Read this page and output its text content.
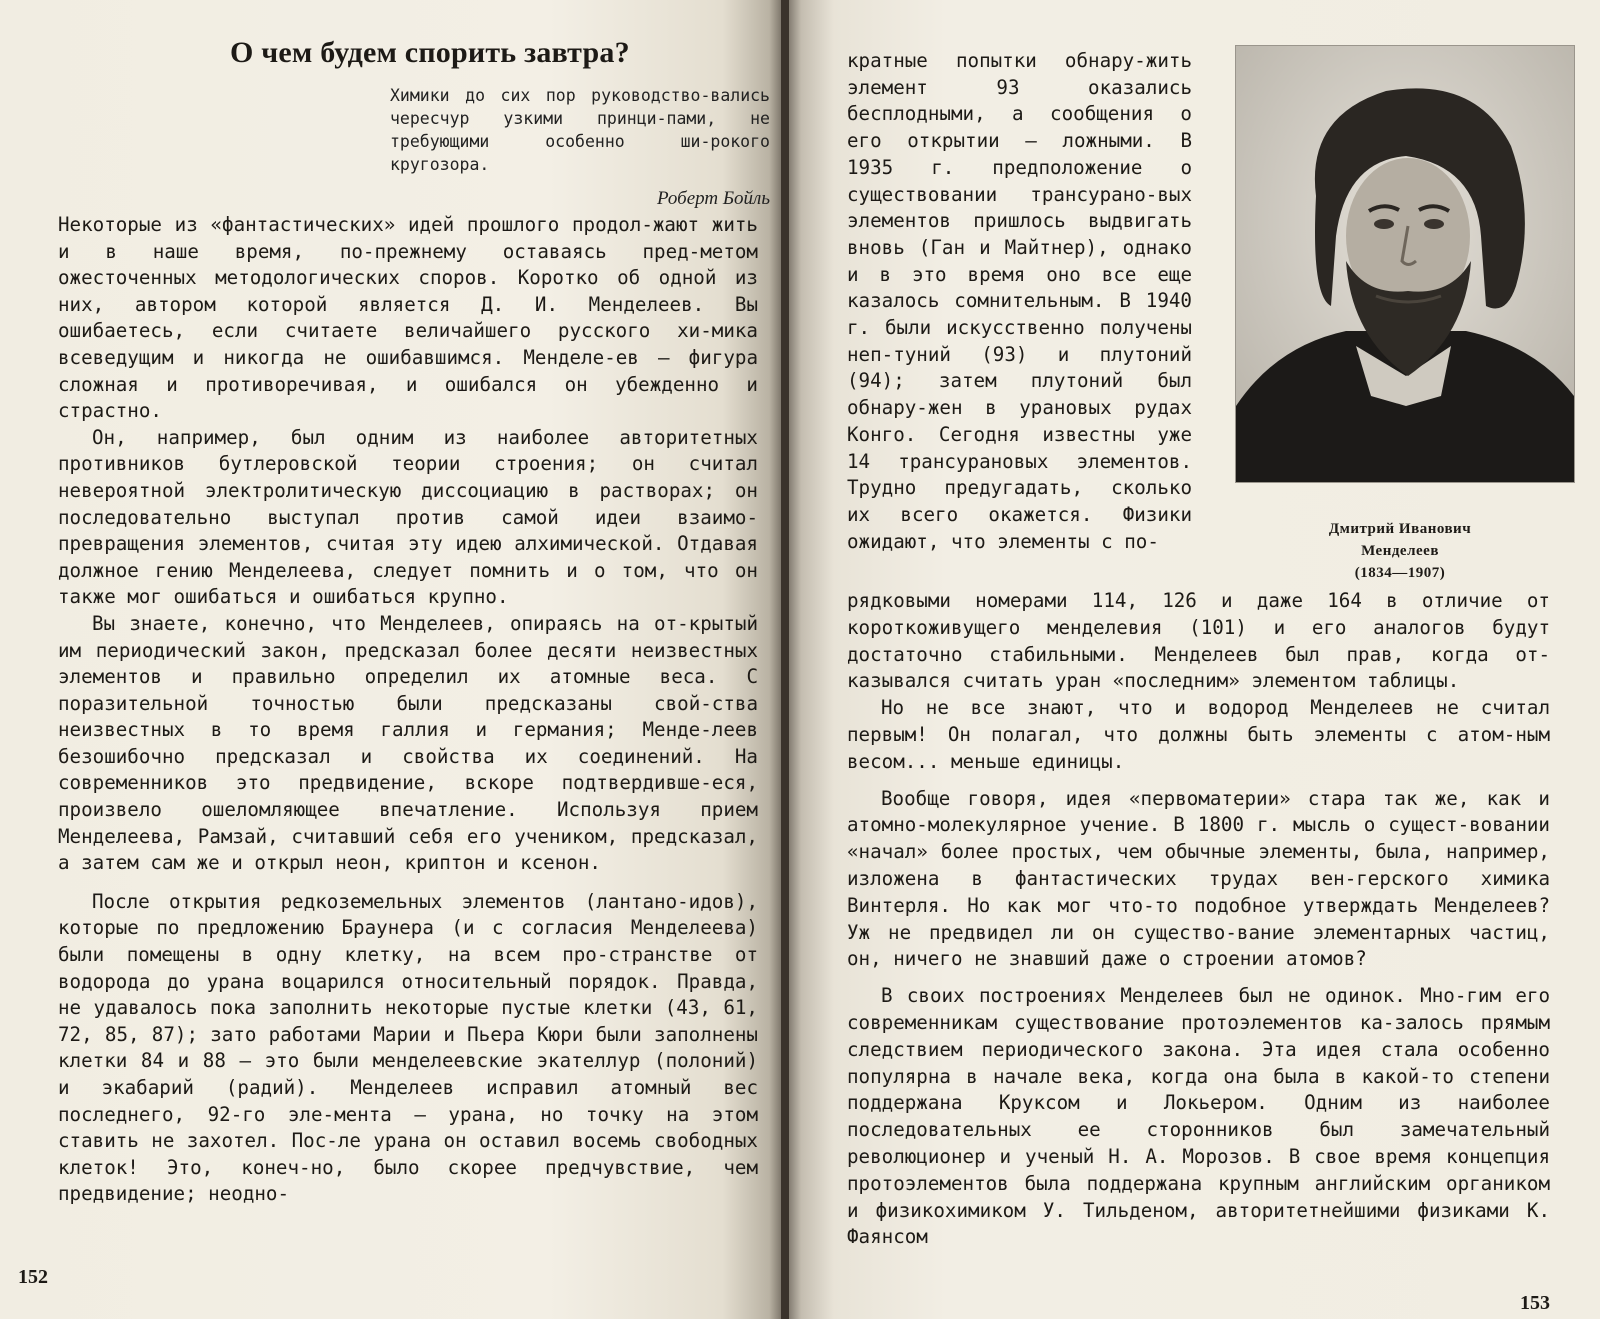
О чем будем спорить завтра?
Химики до сих пор руководство-вались чересчур узкими принци-пами, не требующими особенно ши-рокого кругозора.
Роберт Бойль

Некоторые из «фантастических» идей прошлого продол-жают жить и в наше время, по-прежнему оставаясь пред-метом ожесточенных методологических споров. Коротко об одной из них, автором которой является Д. И. Менделеев. Вы ошибаетесь, если считаете величайшего русского хи-мика всеведущим и никогда не ошибавшимся. Менделе-ев — фигура сложная и противоречивая, и ошибался он убежденно и страстно.

Он, например, был одним из наиболее авторитетных противников бутлеровской теории строения; он считал невероятной электролитическую диссоциацию в растворах; он последовательно выступал против самой идеи взаимо-превращения элементов, считая эту идею алхимической. Отдавая должное гению Менделеева, следует помнить и о том, что он также мог ошибаться и ошибаться крупно.

Вы знаете, конечно, что Менделеев, опираясь на от-крытый им периодический закон, предсказал более десяти неизвестных элементов и правильно определил их атомные веса. С поразительной точностью были предсказаны свой-ства неизвестных в то время галлия и германия; Менде-леев безошибочно предсказал и свойства их соединений. На современников это предвидение, вскоре подтвердивше-еся, произвело ошеломляющее впечатление. Используя прием Менделеева, Рамзай, считавший себя его учеником, предсказал, а затем сам же и открыл неон, криптон и ксенон.

После открытия редкоземельных элементов (лантано-идов), которые по предложению Браунера (и с согласия Менделеева) были помещены в одну клетку, на всем про-странстве от водорода до урана воцарился относительный порядок. Правда, не удавалось пока заполнить некоторые пустые клетки (43, 61, 72, 85, 87); зато работами Марии и Пьера Кюри были заполнены клетки 84 и 88 — это были менделеевские экателлур (полоний) и экабарий (радий). Менделеев исправил атомный вес последнего, 92-го эле-мента — урана, но точку на этом ставить не захотел. Пос-ле урана он оставил восемь свободных клеток! Это, конеч-но, было скорее предчувствие, чем предвидение; неодно-

152

кратные попытки обнару-жить элемент 93 оказались бесплодными, а сообщения о его открытии — ложными. В 1935 г. предположение о существовании трансурано-вых элементов пришлось выдвигать вновь (Ган и Майтнер), однако и в это время оно все еще казалось сомнительным. В 1940 г. были искусственно получены неп-туний (93) и плутоний (94); затем плутоний был обнару-жен в урановых рудах Конго. Сегодня известны уже 14 трансурановых элементов. Трудно предугадать, сколько их всего окажется. Физики ожидают, что элементы с по-

Дмитрий Иванович
Менделеев
(1834—1907)

рядковыми номерами 114, 126 и даже 164 в отличие от короткоживущего менделевия (101) и его аналогов будут достаточно стабильными. Менделеев был прав, когда от-казывался считать уран «последним» элементом таблицы.

Но не все знают, что и водород Менделеев не считал первым! Он полагал, что должны быть элементы с атом-ным весом... меньше единицы.

Вообще говоря, идея «первоматерии» стара так же, как и атомно-молекулярное учение. В 1800 г. мысль о сущест-вовании «начал» более простых, чем обычные элементы, была, например, изложена в фантастических трудах вен-герского химика Винтерля. Но как мог что-то подобное утверждать Менделеев? Уж не предвидел ли он существо-вание элементарных частиц, он, ничего не знавший даже о строении атомов?

В своих построениях Менделеев был не одинок. Мно-гим его современникам существование протоэлементов ка-залось прямым следствием периодического закона. Эта идея стала особенно популярна в начале века, когда она была в какой-то степени поддержана Круксом и Локьером. Одним из наиболее последовательных ее сторонников был замечательный революционер и ученый Н. А. Морозов. В свое время концепция протоэлементов была поддержана крупным английским органиком и физикохимиком У. Тильденом, авторитетнейшими физиками К. Фаянсом

153
